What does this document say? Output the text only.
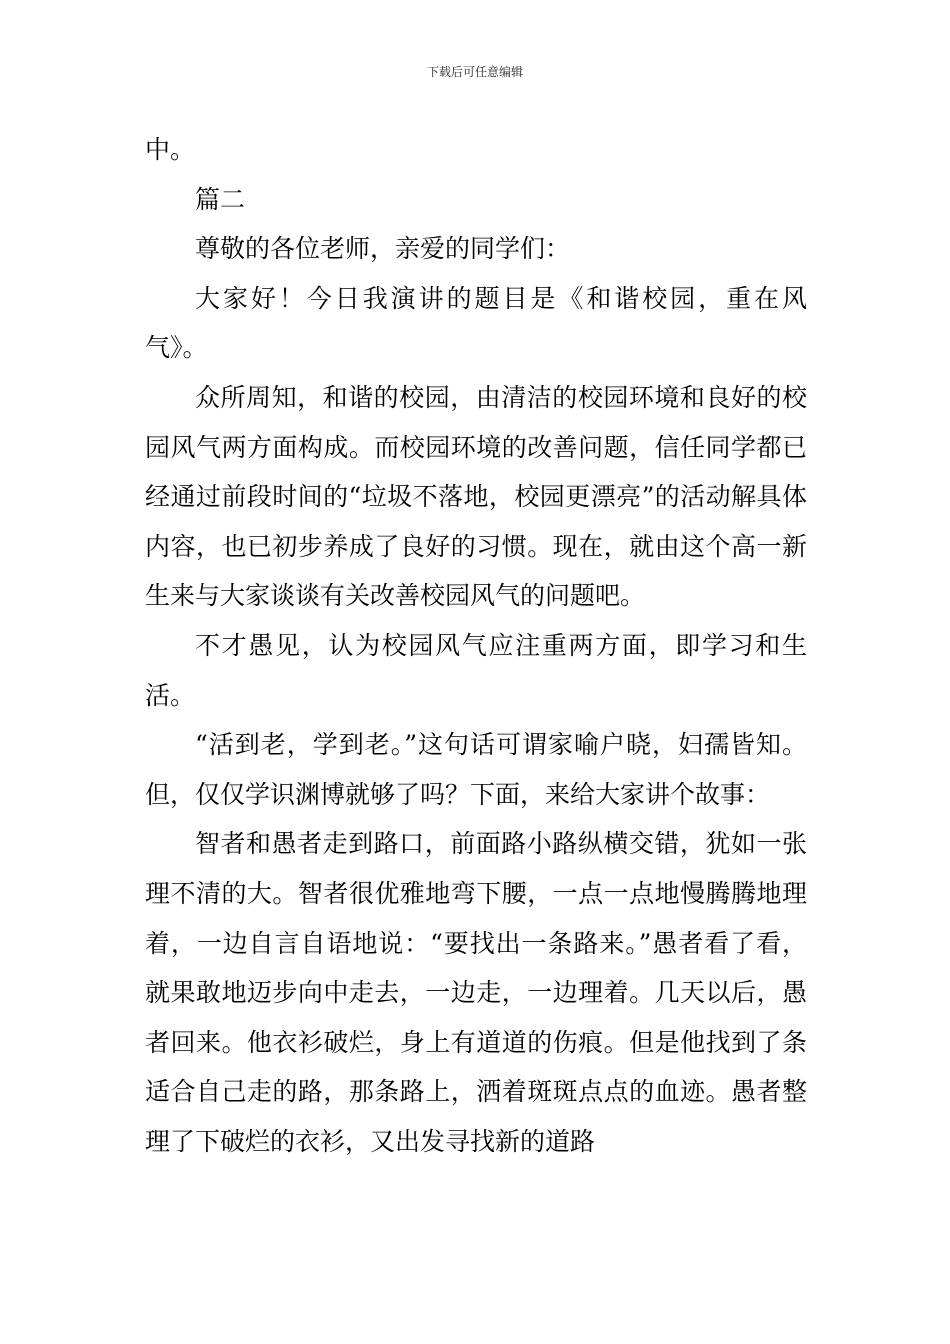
下载后可任意编辑

中。

篇二

尊敬的各位老师，亲爱的同学们：

大家好！今日我演讲的题目是《和谐校园，重在风气》。

众所周知，和谐的校园，由清洁的校园环境和良好的校园风气两方面构成。而校园环境的改善问题，信任同学都已经通过前段时间的“垃圾不落地，校园更漂亮”的活动解具体内容，也已初步养成了良好的习惯。现在，就由这个高一新生来与大家谈谈有关改善校园风气的问题吧。

不才愚见，认为校园风气应注重两方面，即学习和生活。

“活到老，学到老。”这句话可谓家喻户晓，妇孺皆知。但，仅仅学识渊博就够了吗？下面，来给大家讲个故事：

智者和愚者走到路口，前面路小路纵横交错，犹如一张理不清的大。智者很优雅地弯下腰，一点一点地慢腾腾地理着，一边自言自语地说：“要找出一条路来。”愚者看了看，就果敢地迈步向中走去，一边走，一边理着。几天以后，愚者回来。他衣衫破烂，身上有道道的伤痕。但是他找到了条适合自己走的路，那条路上，洒着斑斑点点的血迹。愚者整理了下破烂的衣衫，又出发寻找新的道路
